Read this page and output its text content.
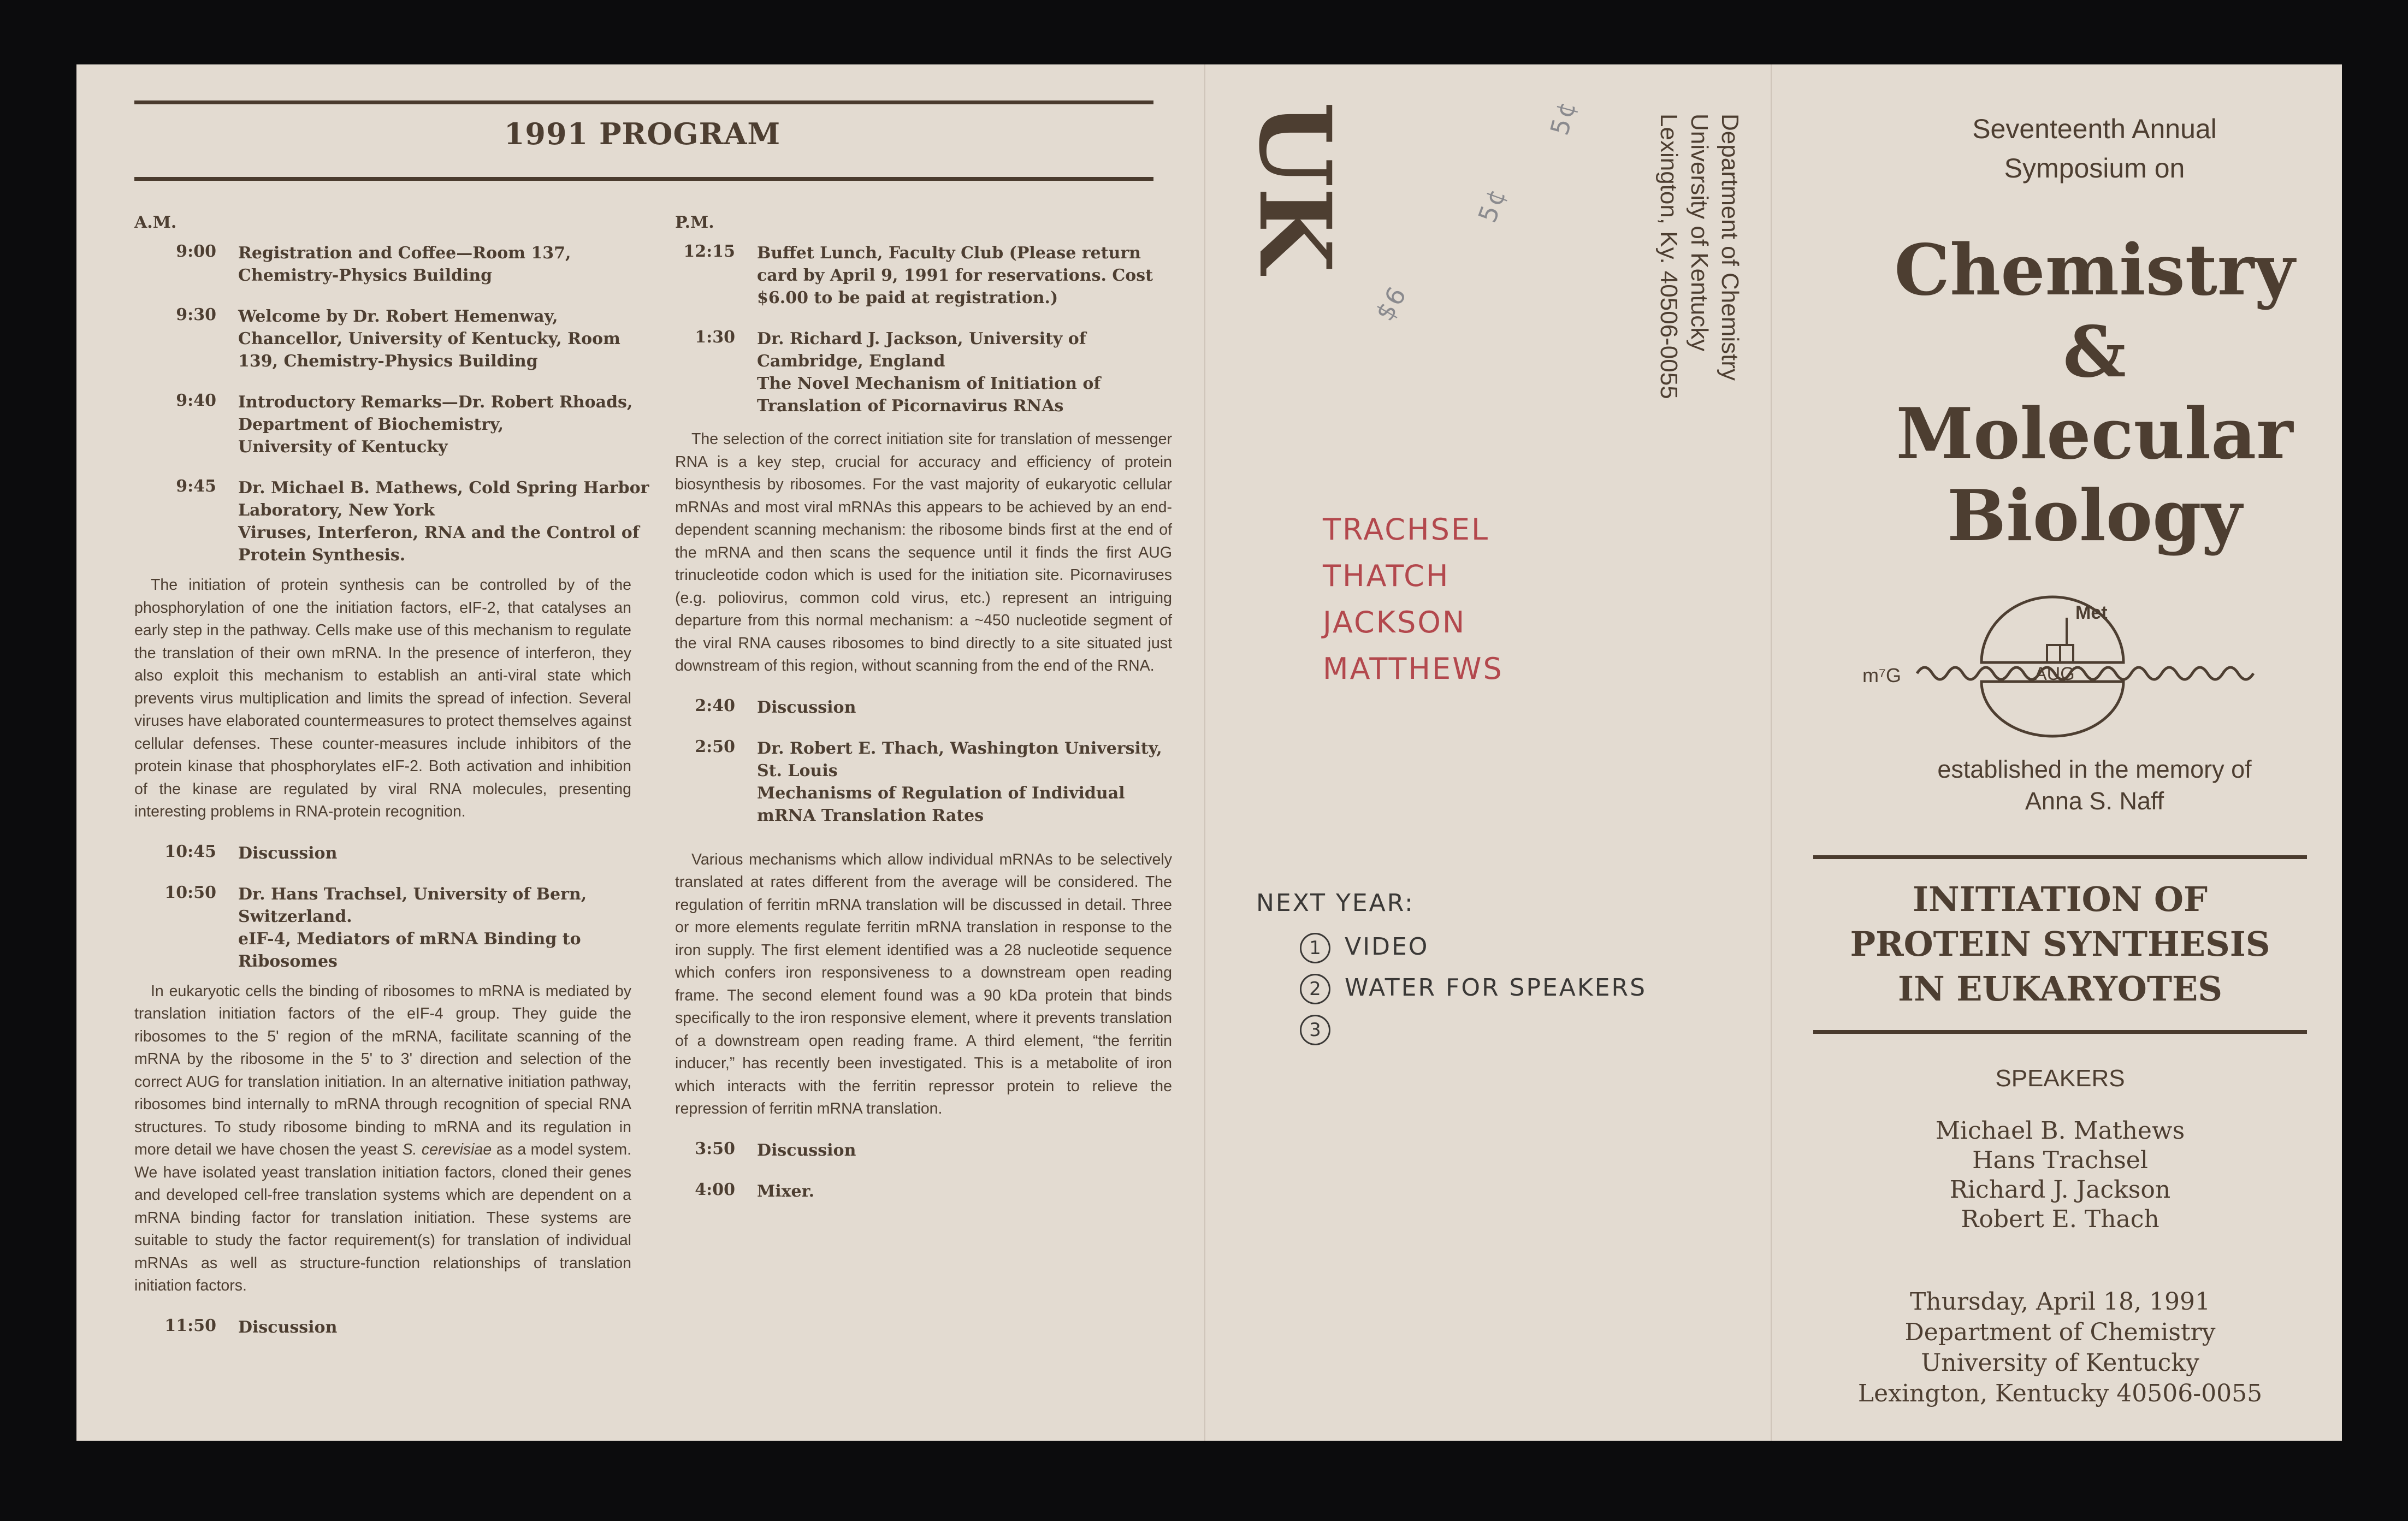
1991 PROGRAM
A.M.
9:00	Registration and Coffee—Room 137,
Chemistry-Physics Building
9:30	Welcome by Dr. Robert Hemenway,
Chancellor, University of Kentucky, Room
139, Chemistry-Physics Building
9:40	Introductory Remarks—Dr. Robert Rhoads,
Department of Biochemistry,
University of Kentucky
9:45	Dr. Michael B. Mathews, Cold Spring Harbor
Laboratory, New York
Viruses, Interferon, RNA and the Control of
Protein Synthesis.

The initiation of protein synthesis can be controlled by of the phosphorylation of one the initiation factors, eIF-2, that catalyses an early step in the pathway. Cells make use of this mechanism to regulate the translation of their own mRNA. In the presence of interferon, they also exploit this mechanism to establish an anti-viral state which prevents virus multiplication and limits the spread of infection. Several viruses have elaborated countermeasures to protect themselves against cellular defenses. These counter-measures include inhibitors of the protein kinase that phosphorylates eIF-2. Both activation and inhibition of the kinase are regulated by viral RNA molecules, presenting interesting problems in RNA-protein recognition.

10:45	Discussion
10:50	Dr. Hans Trachsel, University of Bern,
Switzerland.
eIF-4, Mediators of mRNA Binding to
Ribosomes

In eukaryotic cells the binding of ribosomes to mRNA is mediated by translation initiation factors of the eIF-4 group. They guide the ribosomes to the 5' region of the mRNA, facilitate scanning of the mRNA by the ribosome in the 5' to 3' direction and selection of the correct AUG for translation initiation. In an alternative initiation pathway, ribosomes bind internally to mRNA through recognition of special RNA structures. To study ribosome binding to mRNA and its regulation in more detail we have chosen the yeast S. cerevisiae as a model system. We have isolated yeast translation initiation factors, cloned their genes and developed cell-free translation systems which are dependent on a mRNA binding factor for translation initiation. These systems are suitable to study the factor requirement(s) for translation of individual mRNAs as well as structure-function relationships of translation initiation factors.

11:50	Discussion
P.M.
12:15	Buffet Lunch, Faculty Club (Please return
card by April 9, 1991 for reservations. Cost
$6.00 to be paid at registration.)
1:30	Dr. Richard J. Jackson, University of
Cambridge, England
The Novel Mechanism of Initiation of
Translation of Picornavirus RNAs

The selection of the correct initiation site for translation of messenger RNA is a key step, crucial for accuracy and efficiency of protein biosynthesis by ribosomes. For the vast majority of eukaryotic cellular mRNAs and most viral mRNAs this appears to be achieved by an end-dependent scanning mechanism: the ribosome binds first at the end of the mRNA and then scans the sequence until it finds the first AUG trinucleotide codon which is used for the initiation site. Picornaviruses (e.g. poliovirus, common cold virus, etc.) represent an intriguing departure from this normal mechanism: a ~450 nucleotide segment of the viral RNA causes ribosomes to bind directly to a site situated just downstream of this region, without scanning from the end of the RNA.

2:40	Discussion
2:50	Dr. Robert E. Thach, Washington University,
St. Louis
Mechanisms of Regulation of Individual
mRNA Translation Rates

Various mechanisms which allow individual mRNAs to be selectively translated at rates different from the average will be considered. The regulation of ferritin mRNA translation will be discussed in detail. Three or more elements regulate ferritin mRNA translation in response to the iron supply. The first element identified was a 28 nucleotide sequence which confers iron responsiveness to a downstream open reading frame. The second element found was a 90 kDa protein that binds specifically to the iron responsive element, where it prevents translation of a downstream open reading frame. A third element, “the ferritin inducer,” has recently been investigated. This is a metabolite of iron which interacts with the ferritin repressor protein to relieve the repression of ferritin mRNA translation.

3:50	Discussion
4:00	Mixer.
UK	Department of Chemistry
University of Kentucky
Lexington, Ky. 40506-0055
$6
5¢
5¢
TRACHSEL
THATCH
JACKSON
MATTHEWS
NEXT YEAR:
1 VIDEO
2 WATER FOR SPEAKERS
3
Seventeenth Annual
Symposium on
Chemistry
&
Molecular
Biology
Met
m⁷G	AUG
established in the memory of
Anna S. Naff
INITIATION OF
PROTEIN SYNTHESIS
IN EUKARYOTES
SPEAKERS
Michael B. Mathews
Hans Trachsel
Richard J. Jackson
Robert E. Thach
Thursday, April 18, 1991
Department of Chemistry
University of Kentucky
Lexington, Kentucky 40506-0055
